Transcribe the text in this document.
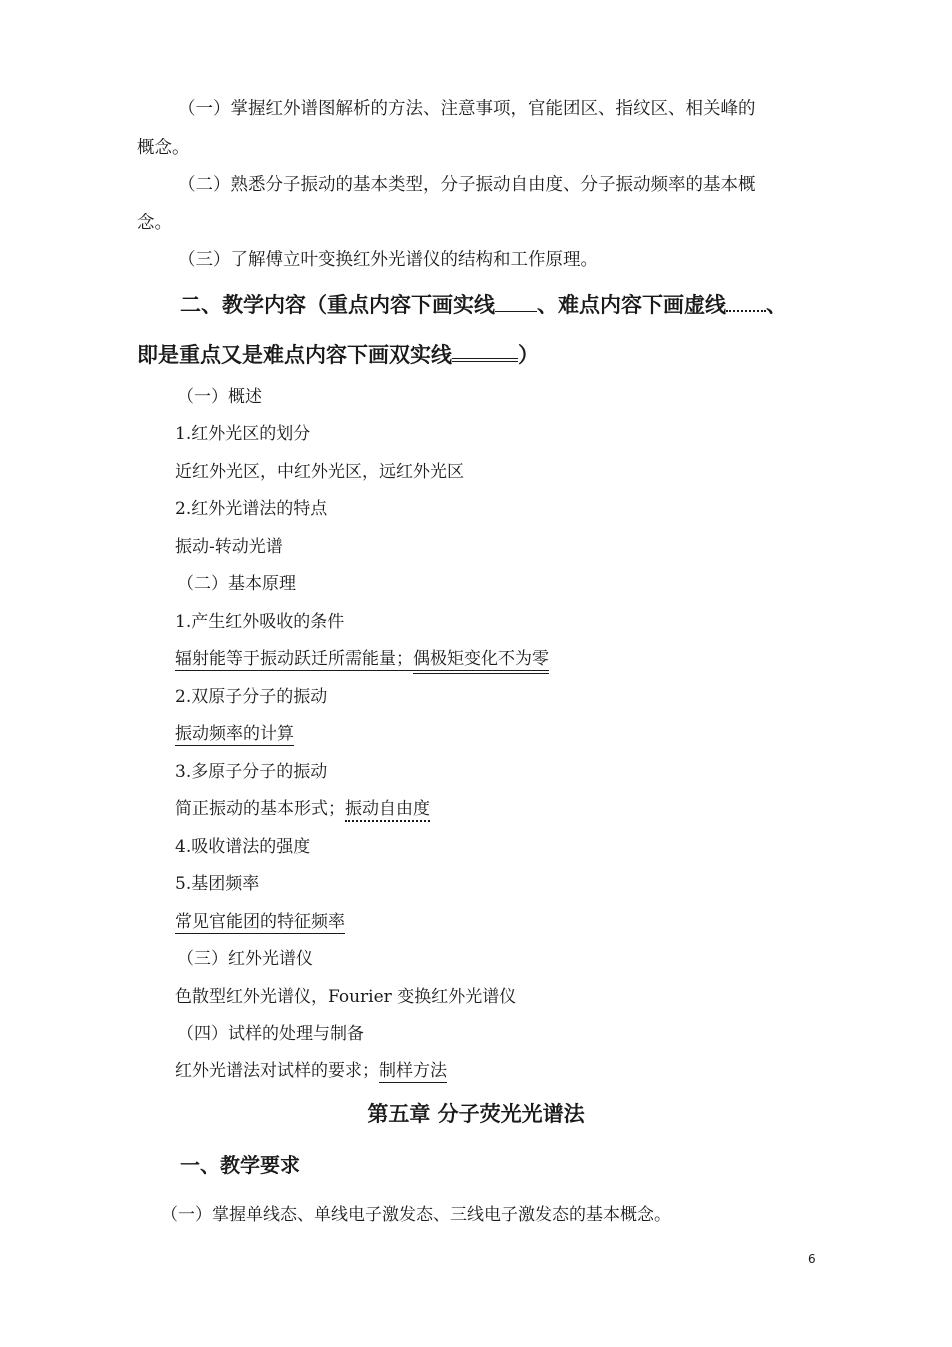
（一）掌握红外谱图解析的方法、注意事项，官能团区、指纹区、相关峰的
概念。
（二）熟悉分子振动的基本类型，分子振动自由度、分子振动频率的基本概
念。
（三）了解傅立叶变换红外光谱仪的结构和工作原理。
二、教学内容（重点内容下画实线 、难点内容下画虚线 、
即是重点又是难点内容下画双实线	）
（一）概述
1.红外光区的划分
近红外光区，中红外光区，远红外光区
2.红外光谱法的特点
振动-转动光谱
（二）基本原理
1.产生红外吸收的条件
辐射能等于振动跃迁所需能量；偶极矩变化不为零
2.双原子分子的振动
振动频率的计算
3.多原子分子的振动
简正振动的基本形式；振动自由度
4.吸收谱法的强度
5.基团频率
常见官能团的特征频率
（三）红外光谱仪
色散型红外光谱仪，Fourier 变换红外光谱仪
（四）试样的处理与制备
红外光谱法对试样的要求；制样方法
第五章 分子荧光光谱法
一、教学要求
（一）掌握单线态、单线电子激发态、三线电子激发态的基本概念。
6
